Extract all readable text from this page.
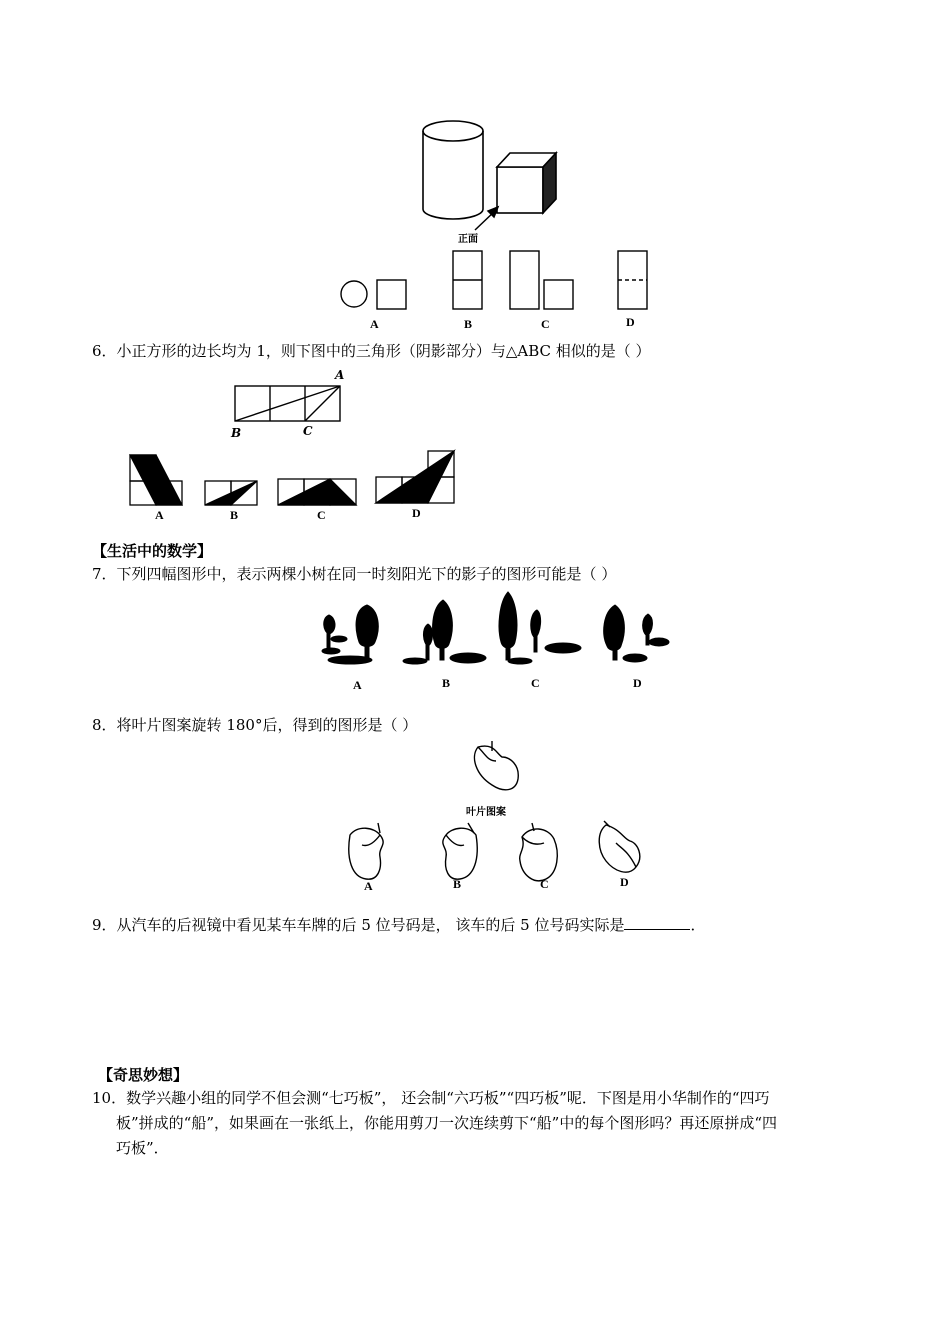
正面
A	B	C	D
6．小正方形的边长均为 1，则下图中的三角形（阴影部分）与△ABC 相似的是（ ）
A
B	C
A	B	C	D
【生活中的数学】
7．下列四幅图形中，表示两棵小树在同一时刻阳光下的影子的图形可能是（ ）
A	B	C	D
8．将叶片图案旋转 180°后，得到的图形是（ ）
叶片图案
A	B	C	D
9．从汽车的后视镜中看见某车车牌的后 5 位号码是， 该车的后 5 位号码实际是	．
【奇思妙想】
10．数学兴趣小组的同学不但会测“七巧板”， 还会制“六巧板”“四巧板”呢．下图是用小华制作的“四巧
板”拼成的“船”，如果画在一张纸上，你能用剪刀一次连续剪下“船”中的每个图形吗？再还原拼成“四
巧板”．
